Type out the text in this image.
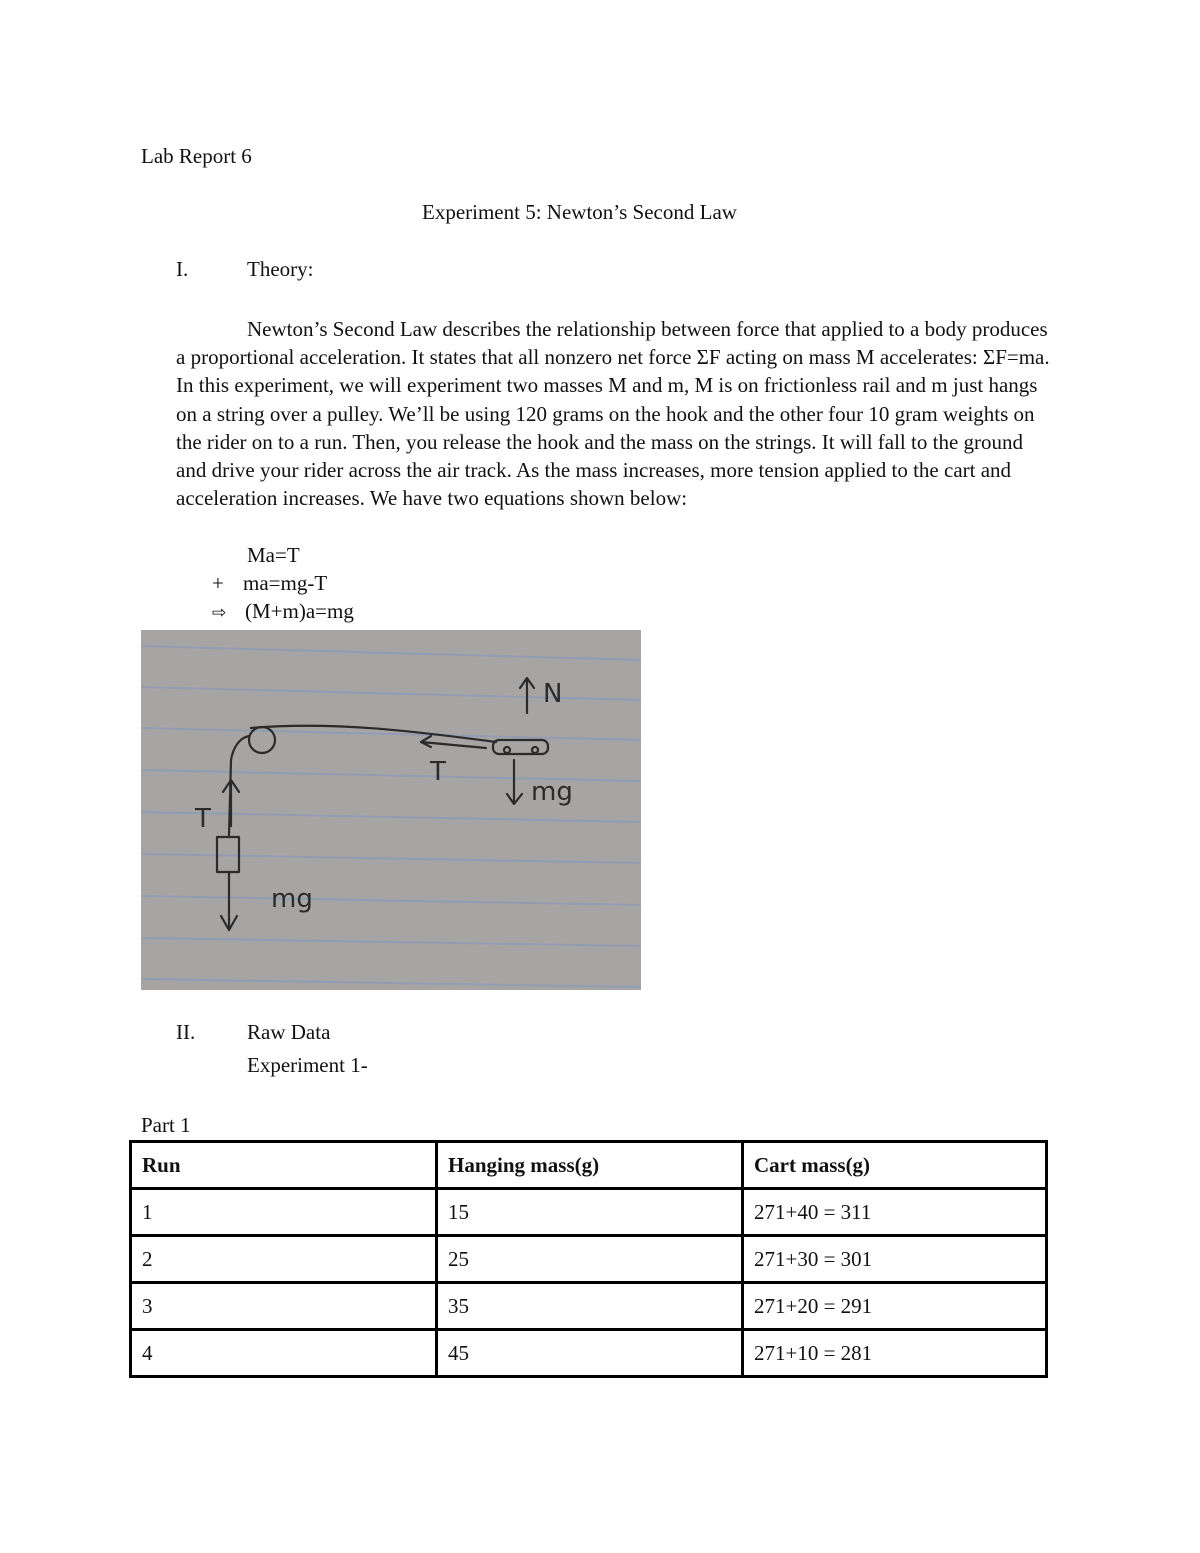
Lab Report 6
Experiment 5: Newton’s Second Law
I.	Theory:

Newton’s Second Law describes the relationship between force that applied to a body produces a proportional acceleration. It states that all nonzero net force ΣF acting on mass M accelerates: ΣF=ma. In this experiment, we will experiment two masses M and m, M is on frictionless rail and m just hangs on a string over a pulley. We’ll be using 120 grams on the hook and the other four 10 gram weights on the rider on to a run. Then, you release the hook and the mass on the strings. It will fall to the ground and drive your rider across the air track. As the mass increases, more tension applied to the cart and acceleration increases. We have two equations shown below:

Ma=T
+ ma=mg-T
⇨ (M+m)a=mg
N
mg
T
T
mg
II. Raw Data
Experiment 1-
Part 1
Run	Hanging mass(g)	Cart mass(g)
1	15	271+40 = 311
2	25	271+30 = 301
3	35	271+20 = 291
4	45	271+10 = 281
